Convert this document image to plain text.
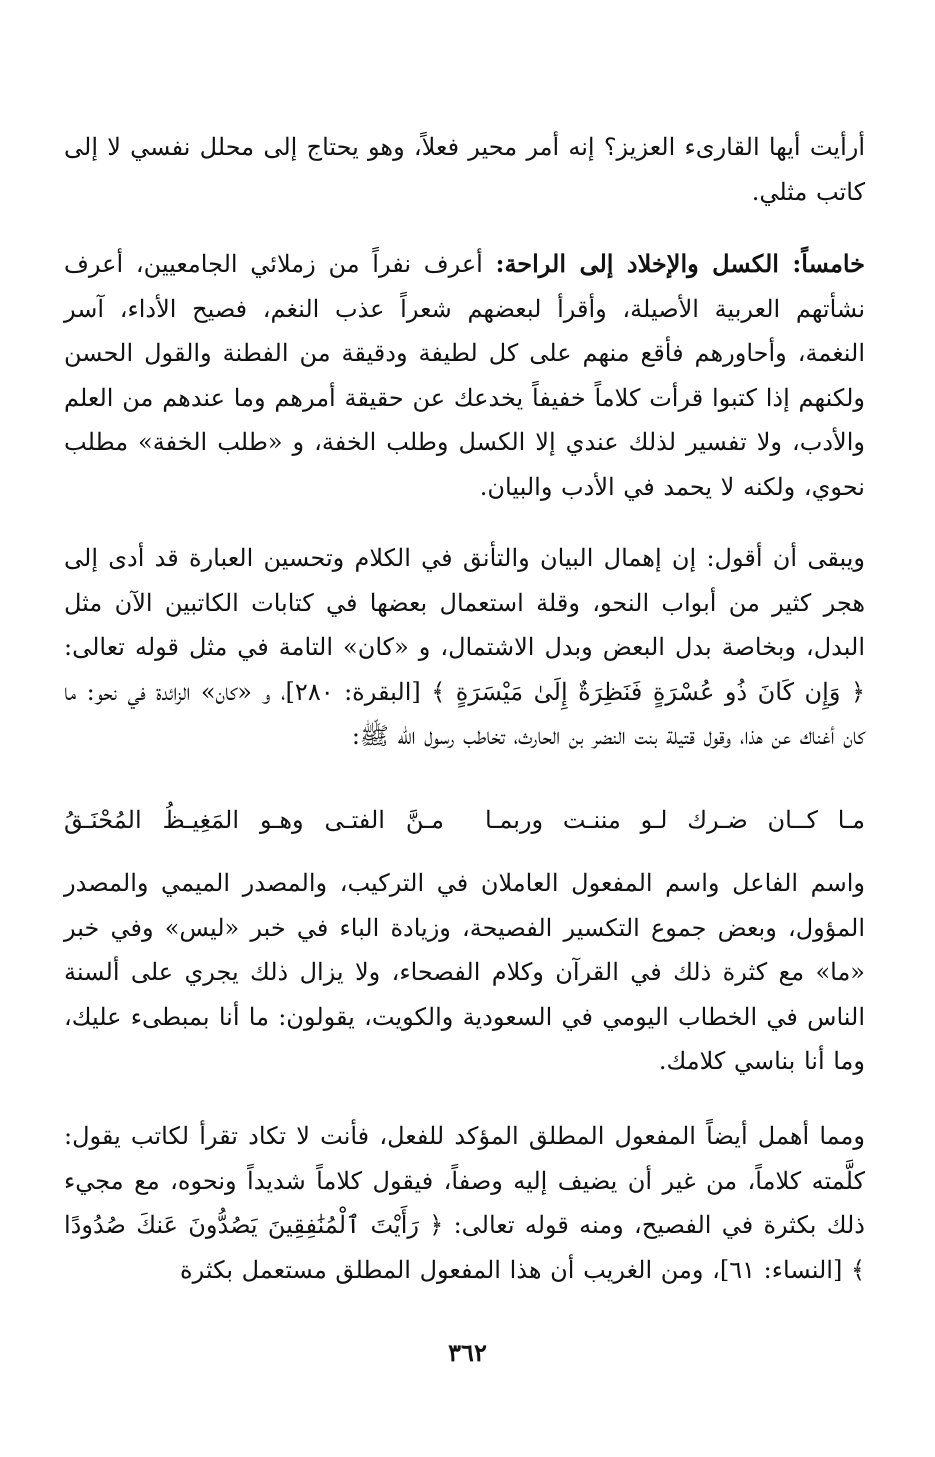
أرأيت أيها القارىء العزيز؟ إنه أمر محير فعلاً، وهو يحتاج إلى محلل نفسي لا إلى كاتب مثلي.

خامساً: الكسل والإخلاد إلى الراحة: أعرف نفراً من زملائي الجامعيين، أعرف نشأتهم العربية الأصيلة، وأقرأ لبعضهم شعراً عذب النغم، فصيح الأداء، آسر النغمة، وأحاورهم فأقع منهم على كل لطيفة ودقيقة من الفطنة والقول الحسن ولكنهم إذا كتبوا قرأت كلاماً خفيفاً يخدعك عن حقيقة أمرهم وما عندهم من العلم والأدب، ولا تفسير لذلك عندي إلا الكسل وطلب الخفة، و «طلب الخفة» مطلب نحوي، ولكنه لا يحمد في الأدب والبيان.

ويبقى أن أقول: إن إهمال البيان والتأنق في الكلام وتحسين العبارة قد أدى إلى هجر كثير من أبواب النحو، وقلة استعمال بعضها في كتابات الكاتبين الآن مثل البدل، وبخاصة بدل البعض وبدل الاشتمال، و «كان» التامة في مثل قوله تعالى: ﴿ وَإِن كَانَ ذُو عُسْرَةٍ فَنَظِرَةٌ إِلَىٰ مَيْسَرَةٍ ﴾ [البقرة: ٢٨٠]، و «كان» الزائدة في نحو: ما كان أغناك عن هذا، وقول قتيلة بنت النضر بن الحارث، تخاطب رسول الله ﷺ:

مـا كــان ضـرك لـو مننـت وربمـا
مـنَّ الفتـى وهـو المَغِيـظُ المُحْنَـقُ

واسم الفاعل واسم المفعول العاملان في التركيب، والمصدر الميمي والمصدر المؤول، وبعض جموع التكسير الفصيحة، وزيادة الباء في خبر «ليس» وفي خبر «ما» مع كثرة ذلك في القرآن وكلام الفصحاء، ولا يزال ذلك يجري على ألسنة الناس في الخطاب اليومي في السعودية والكويت، يقولون: ما أنا بمبطىء عليك، وما أنا بناسي كلامك.

ومما أهمل أيضاً المفعول المطلق المؤكد للفعل، فأنت لا تكاد تقرأ لكاتب يقول: كلَّمته كلاماً، من غير أن يضيف إليه وصفاً، فيقول كلاماً شديداً ونحوه، مع مجيء ذلك بكثرة في الفصيح، ومنه قوله تعالى: ﴿ رَأَيْتَ ٱلْمُنَٰفِقِينَ يَصُدُّونَ عَنكَ صُدُودًا ﴾ [النساء: ٦١]، ومن الغريب أن هذا المفعول المطلق مستعمل بكثرة

٣٦٢
